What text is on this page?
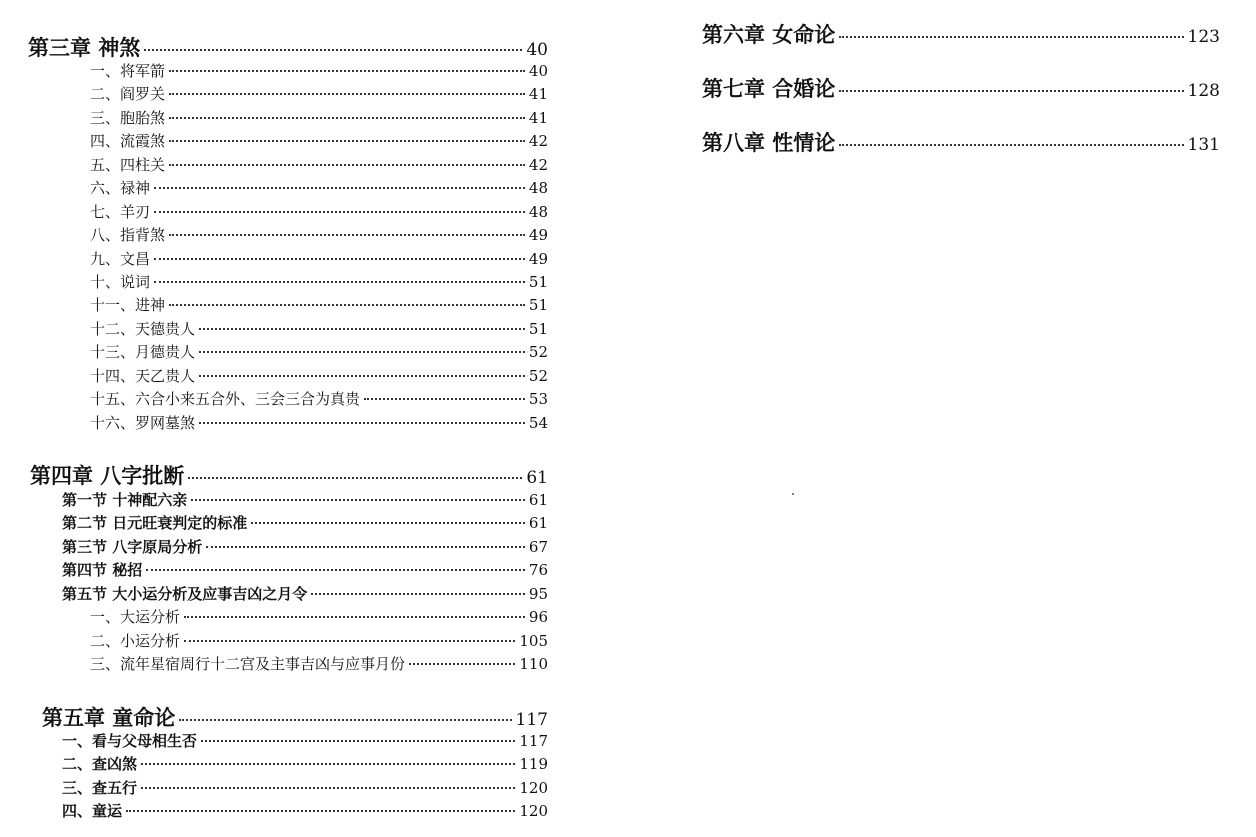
第三章 神煞	40
一、将军箭	40
二、阎罗关	41
三、胞胎煞	41
四、流霞煞	42
五、四柱关	42
六、禄神	48
七、羊刃	48
八、指背煞	49
九、文昌	49
十、说词	51
十一、进神	51
十二、天德贵人	51
十三、月德贵人	52
十四、天乙贵人	52
十五、六合小来五合外、三会三合为真贵	53
十六、罗网墓煞	54
第四章 八字批断	61
第一节 十神配六亲	61
第二节 日元旺衰判定的标准	61
第三节 八字原局分析	67
第四节 秘招	76
第五节 大小运分析及应事吉凶之月令	95
一、大运分析	96
二、小运分析	105
三、流年星宿周行十二宫及主事吉凶与应事月份	110
第五章 童命论	117
一、看与父母相生否	117
二、查凶煞	119
三、查五行	120
四、童运	120
第六章 女命论	123
第七章 合婚论	128
第八章 性情论	131
